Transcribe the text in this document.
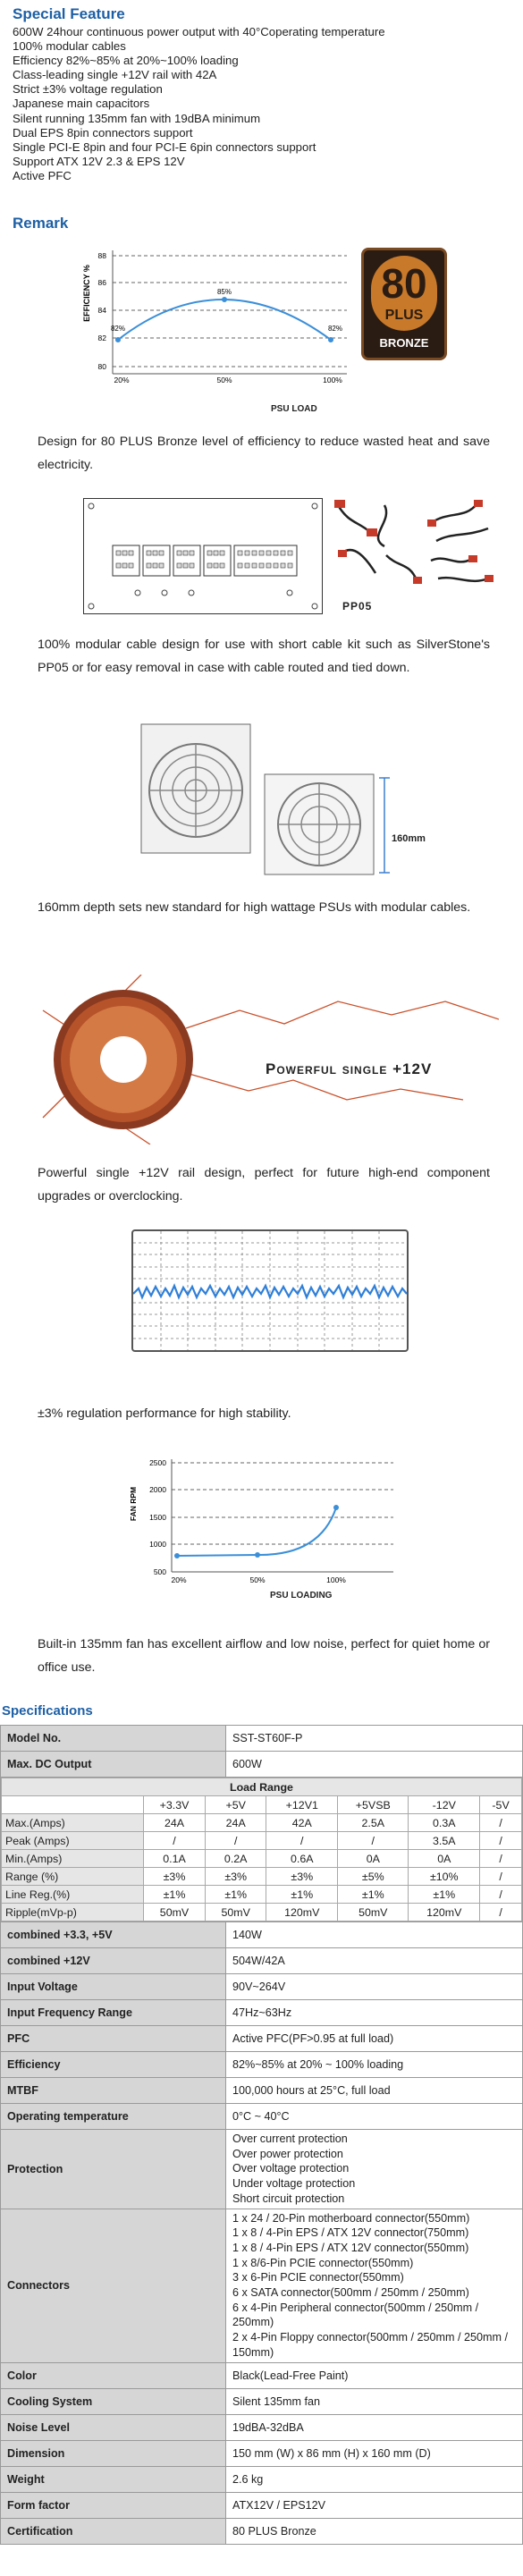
Special Feature
600W 24hour continuous power output with 40°Coperating temperature
100% modular cables
Efficiency 82%~85% at 20%~100% loading
Class-leading single +12V rail with 42A
Strict ±3% voltage regulation
Japanese main capacitors
Silent running 135mm fan with 19dBA minimum
Dual EPS 8pin connectors support
Single PCI-E 8pin and four PCI-E 6pin connectors support
Support ATX 12V 2.3 & EPS 12V
Active PFC
Remark
EFFICIENCY %
88
86
84
82
80
82%
85%
82%
20%	50%	100%
PSU LOAD
80
PLUS
BRONZE
Design for 80 PLUS Bronze level of efficiency to reduce wasted heat and save electricity.
PP05
100% modular cable design for use with short cable kit such as SilverStone's PP05 or for easy removal in case with cable routed and tied down.
160mm
160mm depth sets new standard for high wattage PSUs with modular cables.
Powerful single +12V
Powerful single +12V rail design, perfect for future high-end component upgrades or overclocking.
±3% regulation performance for high stability.
FAN RPM
2500
2000
1500
1000
500
20%	50%	100%
PSU LOADING
Built-in 135mm fan has excellent airflow and low noise, perfect for quiet home or office use.
Specifications
Model No.	SST-ST60F-P
Max. DC Output	600W

Load Range
	+3.3V	+5V	+12V1	+5VSB	-12V	-5V
Max.(Amps)	24A	24A	42A	2.5A	0.3A	/
Peak (Amps)	/	/	/	/	3.5A	/
Min.(Amps)	0.1A	0.2A	0.6A	0A	0A	/
Range (%)	±3%	±3%	±3%	±5%	±10%	/
Line Reg.(%)	±1%	±1%	±1%	±1%	±1%	/
Ripple(mVp-p)	50mV	50mV	120mV	50mV	120mV	/

combined +3.3, +5V	140W
combined +12V	504W/42A
Input Voltage	90V~264V
Input Frequency Range	47Hz~63Hz
PFC	Active PFC(PF>0.95 at full load)
Efficiency	82%~85% at 20% ~ 100% loading
MTBF	100,000 hours at 25°C, full load
Operating temperature	0°C ~ 40°C
Protection	
Over current protection
Over power protection
Over voltage protection
Under voltage protection
Short circuit protection

Connectors	
1 x 24 / 20-Pin motherboard connector(550mm)
1 x 8 / 4-Pin EPS / ATX 12V connector(750mm)
1 x 8 / 4-Pin EPS / ATX 12V connector(550mm)
1 x 8/6-Pin PCIE connector(550mm)
3 x 6-Pin PCIE connector(550mm)
6 x SATA connector(500mm / 250mm / 250mm)
6 x 4-Pin Peripheral connector(500mm / 250mm / 250mm)
2 x 4-Pin Floppy connector(500mm / 250mm / 250mm / 150mm)

Color	Black(Lead-Free Paint)
Cooling System	Silent 135mm fan
Noise Level	19dBA-32dBA
Dimension	150 mm (W) x 86 mm (H) x 160 mm (D)
Weight	2.6 kg
Form factor	ATX12V / EPS12V
Certification	80 PLUS Bronze
